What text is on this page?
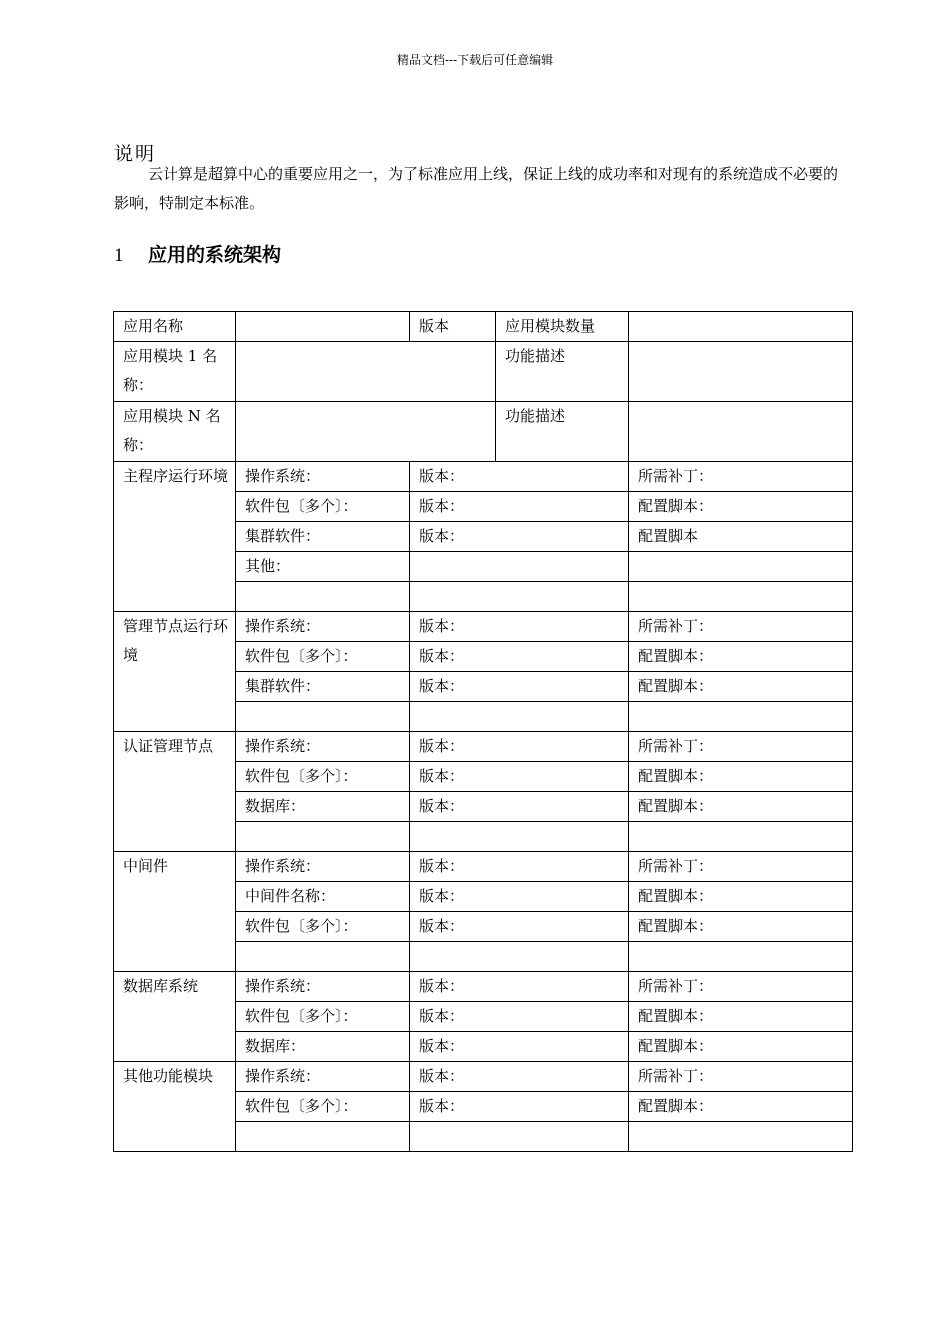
精品文档---下载后可任意编辑
说明
云计算是超算中心的重要应用之一，为了标准应用上线，保证上线的成功率和对现有的系统造成不必要的影响，特制定本标准。
1 应用的系统架构
应用名称		版本	应用模块数量	
应用模块 1 名称：			功能描述	
应用模块 N 名称：			功能描述	
主程序运行环境	操作系统：	版本：		所需补丁：
	软件包〔多个〕：	版本：		配置脚本：
	集群软件：	版本：		配置脚本
	其他：			

管理节点运行环境	操作系统：	版本：		所需补丁：
	软件包〔多个〕：	版本：		配置脚本：
	集群软件：	版本：		配置脚本：

认证管理节点	操作系统：	版本：		所需补丁：
	软件包〔多个〕：	版本：		配置脚本：
	数据库：	版本：		配置脚本：

中间件	操作系统：	版本：		所需补丁：
	中间件名称：	版本：		配置脚本：
	软件包〔多个〕：	版本：		配置脚本：

数据库系统	操作系统：	版本：		所需补丁：
	软件包〔多个〕：	版本：		配置脚本：
	数据库：	版本：		配置脚本：
其他功能模块	操作系统：	版本：		所需补丁：
	软件包〔多个〕：	版本：		配置脚本：
